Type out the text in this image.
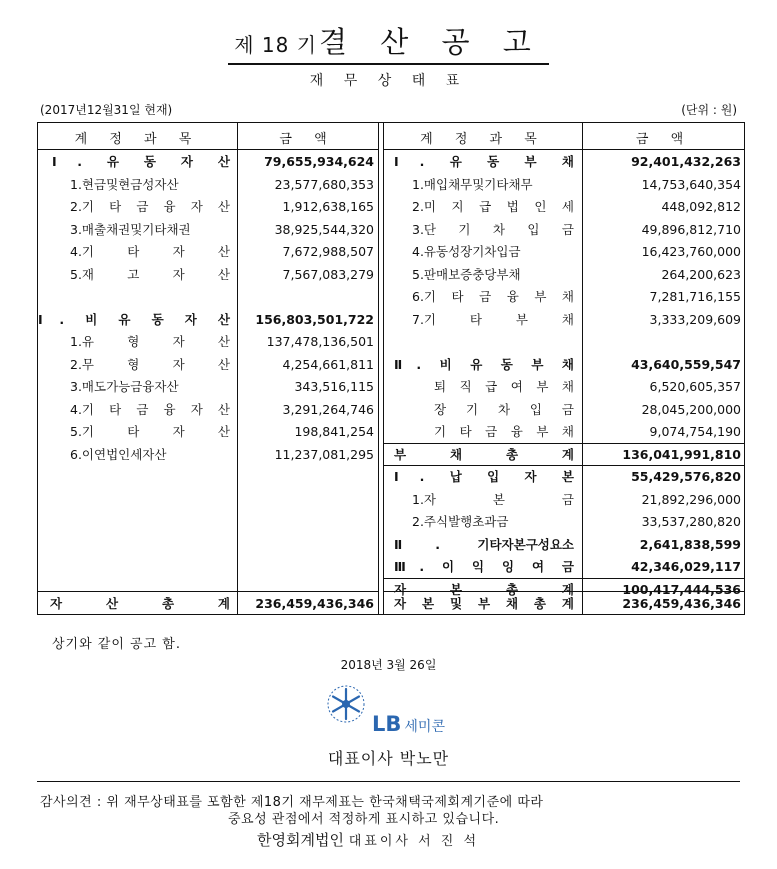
제 18 기결 산 공 고
재 무 상 태 표
(2017년12월31일 현재)	(단위 : 원)
계 정 과 목	금 액
Ⅰ. 유 동 자 산	79,655,934,624
1.현금및현금성자산	23,577,680,353
2.기 타 금 융 자 산	1,912,638,165
3.매출채권및기타채권	38,925,544,320
4.기 타 자 산	7,672,988,507
5.재 고 자 산	7,567,083,279
Ⅰ. 비 유 동 자 산	156,803,501,722
1.유 형 자 산	137,478,136,501
2.무 형 자 산	4,254,661,811
3.매도가능금융자산	343,516,115
4.기 타 금 융 자 산	3,291,264,746
5.기 타 자 산	198,841,254
6.이연법인세자산	11,237,081,295
자 산 총 계	236,459,436,346
계 정 과 목	금 액
Ⅰ. 유 동 부 채	92,401,432,263
1.매입채무및기타채무	14,753,640,354
2.미 지 급 법 인 세	448,092,812
3.단 기 차 입 금	49,896,812,710
4.유동성장기차입금	16,423,760,000
5.판매보증충당부채	264,200,623
6.기 타 금 융 부 채	7,281,716,155
7.기 타 부 채	3,333,209,609
Ⅱ. 비 유 동 부 채	43,640,559,547
퇴 직 급 여 부 채	6,520,605,357
장 기 차 입 금	28,045,200,000
기 타 금 융 부 채	9,074,754,190
부 채 총 계	136,041,991,810
Ⅰ. 납 입 자 본	55,429,576,820
1.자 본 금	21,892,296,000
2.주식발행초과금	33,537,280,820
Ⅱ. 기타자본구성요소	2,641,838,599
Ⅲ. 이 익 잉 여 금	42,346,029,117
자 본 총 계	100,417,444,536
자 본 및 부 채 총 계	236,459,436,346
상기와 같이 공고 함.
2018년 3월 26일
LB 세미콘
대표이사 박노만
감사의견 : 위 재무상태표를 포함한 제18기 재무제표는 한국채택국제회계기준에 따라
중요성 관점에서 적정하게 표시하고 있습니다.
한영회계법인 대표이사 서 진 석
